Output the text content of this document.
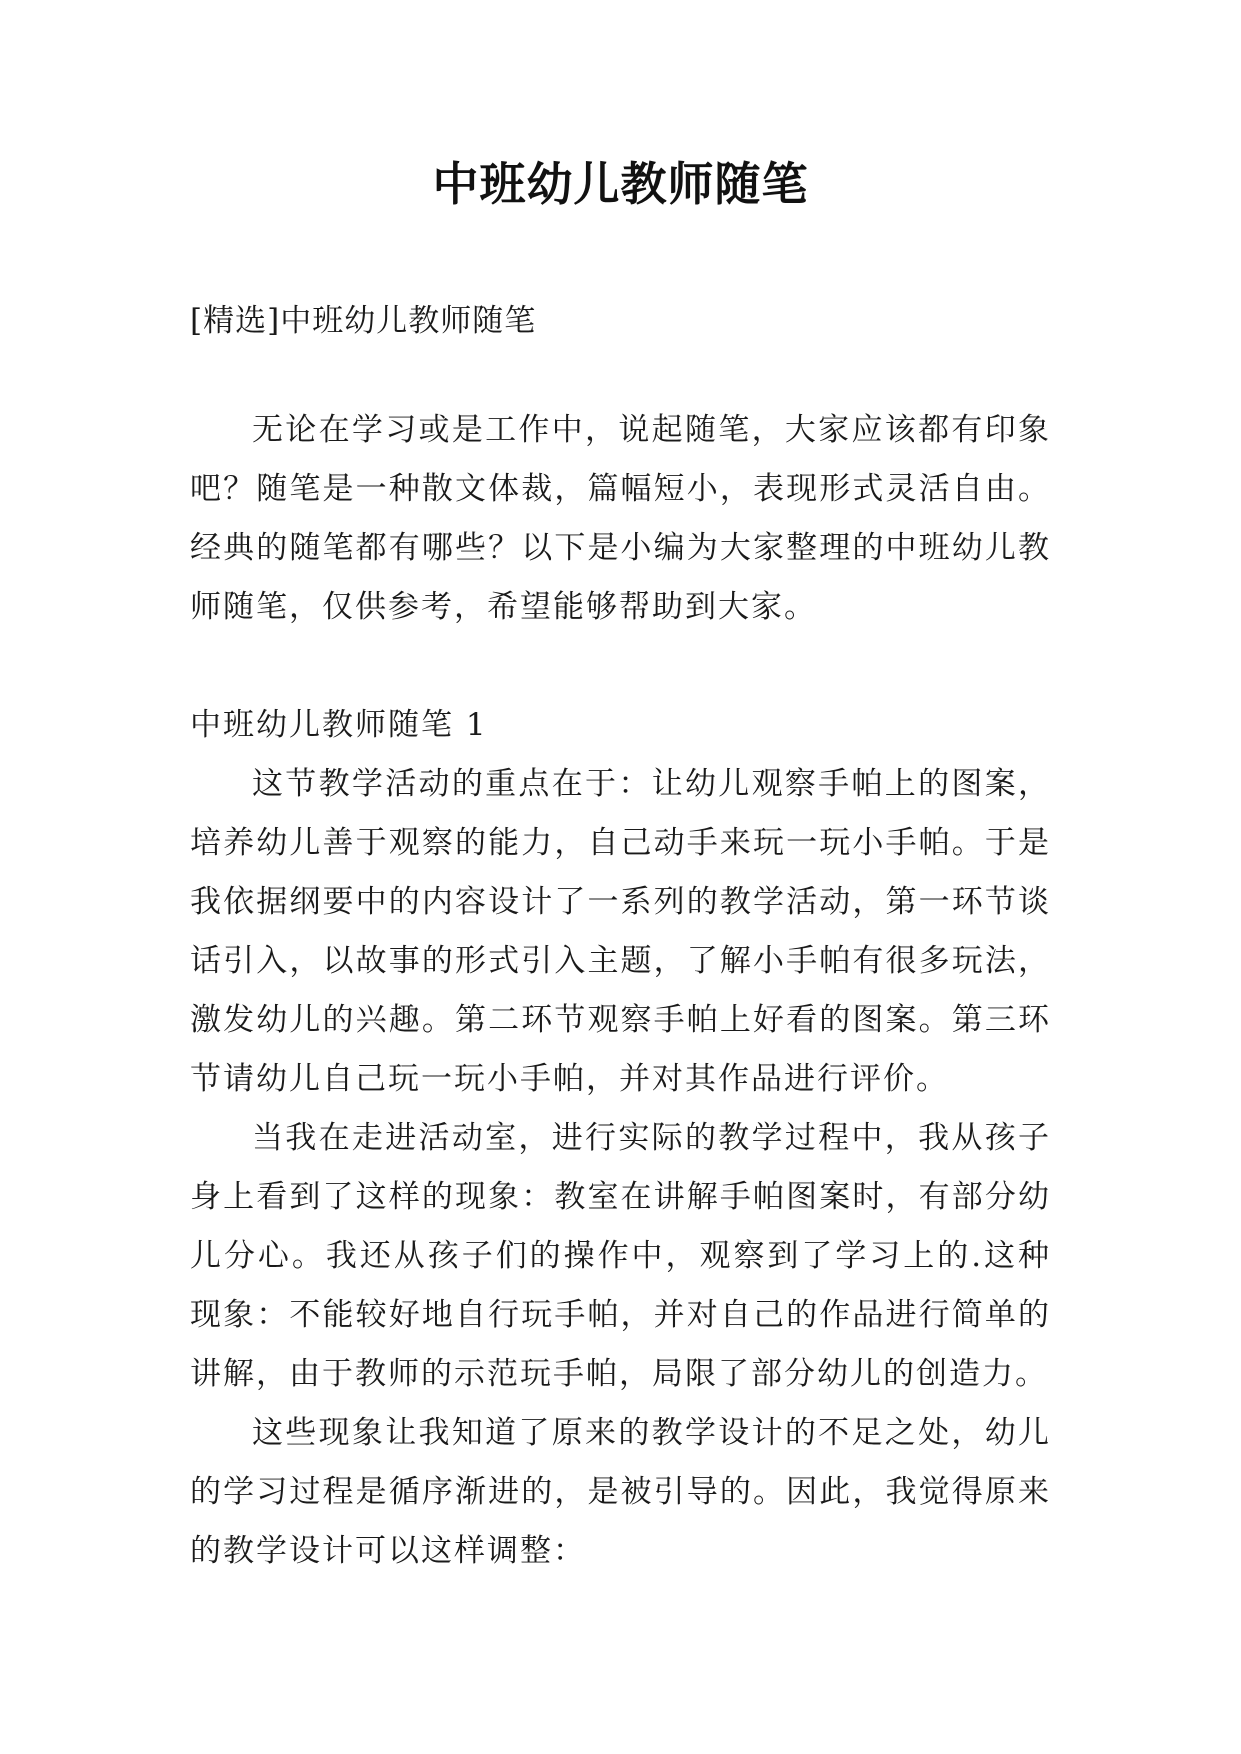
中班幼儿教师随笔

[精选]中班幼儿教师随笔

无论在学习或是工作中，说起随笔，大家应该都有印象吧？随笔是一种散文体裁，篇幅短小，表现形式灵活自由。经典的随笔都有哪些？以下是小编为大家整理的中班幼儿教师随笔，仅供参考，希望能够帮助到大家。

中班幼儿教师随笔 1

这节教学活动的重点在于：让幼儿观察手帕上的图案，培养幼儿善于观察的能力，自己动手来玩一玩小手帕。于是我依据纲要中的内容设计了一系列的教学活动，第一环节谈话引入，以故事的形式引入主题，了解小手帕有很多玩法，激发幼儿的兴趣。第二环节观察手帕上好看的图案。第三环节请幼儿自己玩一玩小手帕，并对其作品进行评价。

当我在走进活动室，进行实际的教学过程中，我从孩子身上看到了这样的现象：教室在讲解手帕图案时，有部分幼儿分心。我还从孩子们的操作中，观察到了学习上的.这种现象：不能较好地自行玩手帕，并对自己的作品进行简单的讲解，由于教师的示范玩手帕，局限了部分幼儿的创造力。

这些现象让我知道了原来的教学设计的不足之处，幼儿的学习过程是循序渐进的，是被引导的。因此，我觉得原来的教学设计可以这样调整：
